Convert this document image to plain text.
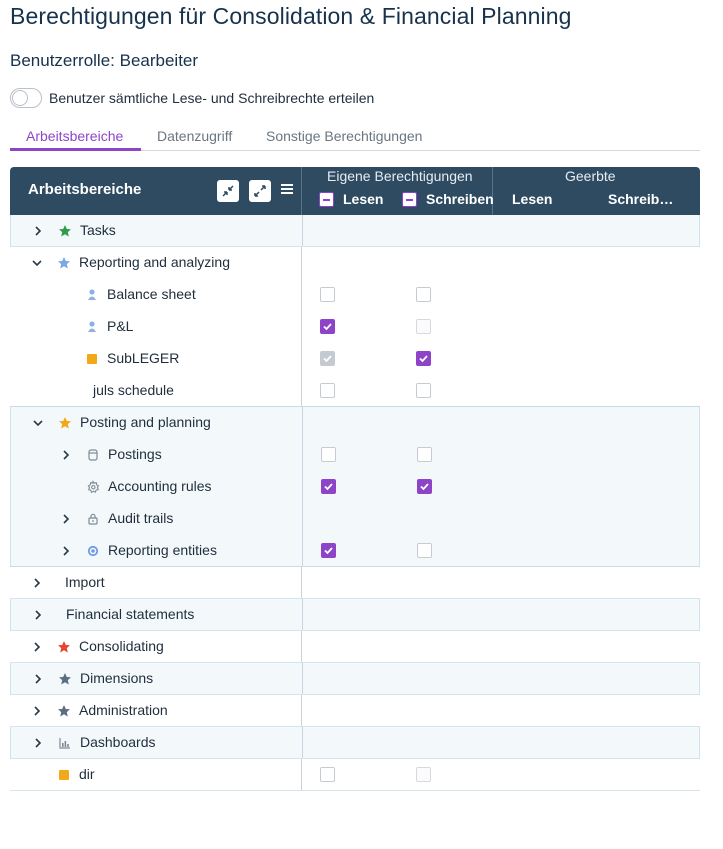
Berechtigungen für Consolidation & Financial Planning
Benutzerrolle: Bearbeiter
Benutzer sämtliche Lese- und Schreibrechte erteilen
Arbeitsbereiche Datenzugriff Sonstige Berechtigungen
Arbeitsbereiche
Eigene Berechtigungen	Geerbte
Lesen	Schreiben Lesen	Schreib…
Tasks
Reporting and analyzing
Balance sheet
P&L
SubLEGER
juls schedule
Posting and planning
Postings
Accounting rules
Audit trails
Reporting entities
Import
Financial statements
Consolidating
Dimensions
Administration
Dashboards
dir
